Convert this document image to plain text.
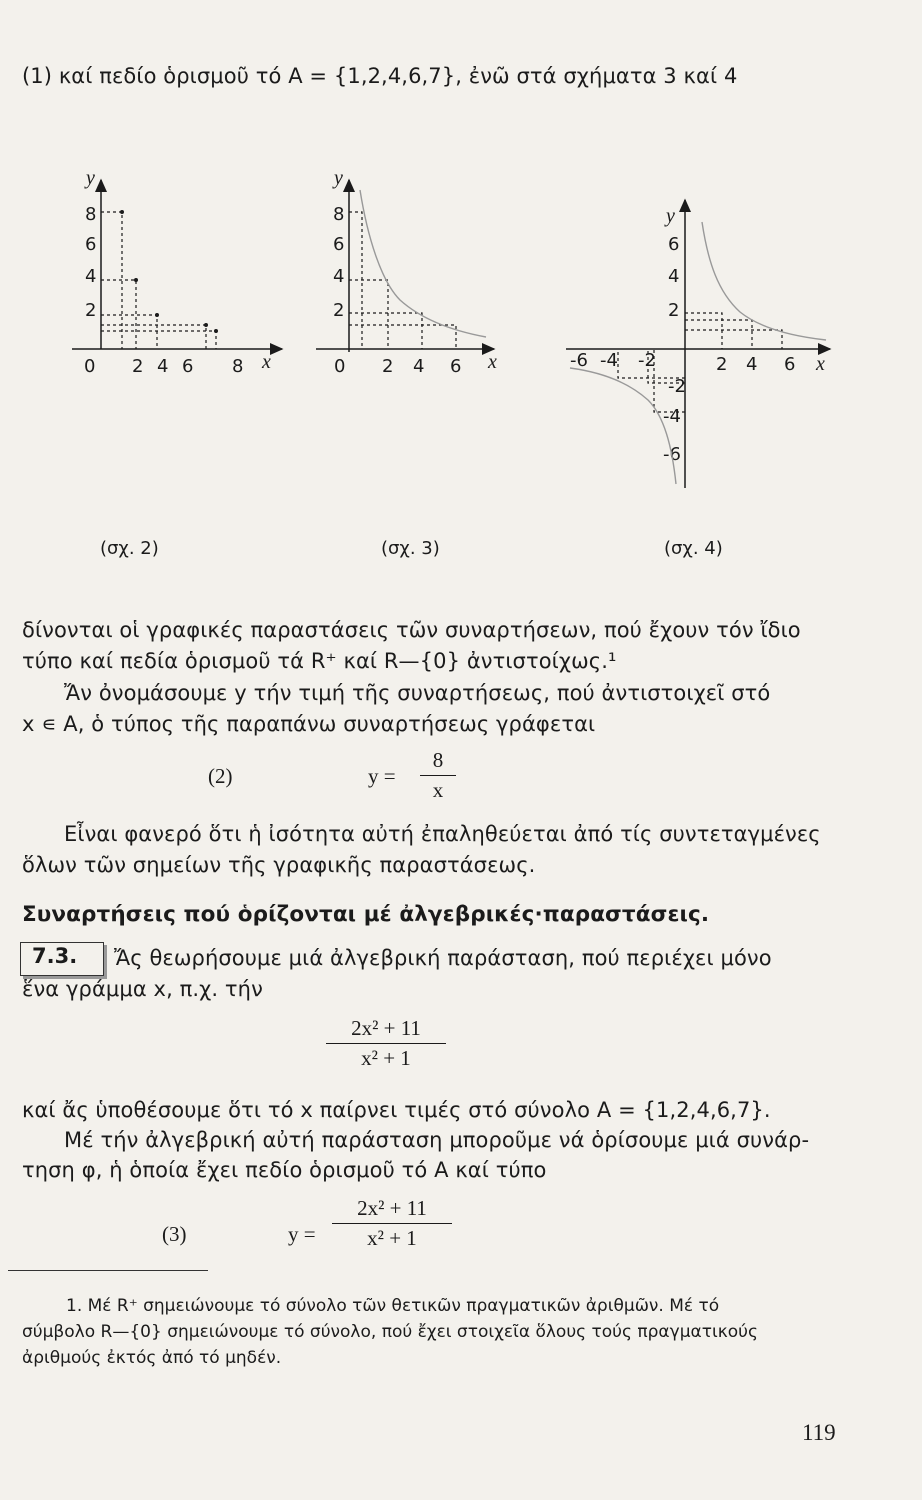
(1) καί πεδίο ὁρισμοῦ τό A = {1,2,4,6,7}, ἐνῶ στά σχήματα 3 καί 4
y
x
8
6
4
2
0 2 4 6 8
y
x
8
6
4
2
0 2 4 6
y
x
6
4
2
-2
-4
-6
-6 -4 -2	2 4 6
(σχ. 2)	(σχ. 3)	(σχ. 4)
δίνονται οἱ γραφικές παραστάσεις τῶν συναρτήσεων, πού ἔχουν τόν ἴδιο
τύπο καί πεδία ὁρισμοῦ τά R⁺ καί R—{0} ἀντιστοίχως.¹
Ἄν ὀνομάσουμε y τήν τιμή τῆς συναρτήσεως, πού ἀντιστοιχεῖ στό
x ∊ A, ὁ τύπος τῆς παραπάνω συναρτήσεως γράφεται
(2)	y =
8
x
Εἶναι φανερό ὅτι ἡ ἰσότητα αὐτή ἐπαληθεύεται ἀπό τίς συντεταγμένες
ὅλων τῶν σημείων τῆς γραφικῆς παραστάσεως.
Συναρτήσεις πού ὁρίζονται μέ ἀλγεβρικές·παραστάσεις.
7.3. Ἄς θεωρήσουμε μιά ἀλγεβρική παράσταση, πού περιέχει μόνο
ἕνα γράμμα x, π.χ. τήν
2x² + 11
x² + 1
καί ἄς ὑποθέσουμε ὅτι τό x παίρνει τιμές στό σύνολο A = {1,2,4,6,7}.
Μέ τήν ἀλγεβρική αὐτή παράσταση μποροῦμε νά ὁρίσουμε μιά συνάρ-
τηση φ, ἡ ὁποία ἔχει πεδίο ὁρισμοῦ τό A καί τύπο
(3)	y =
2x² + 11
x² + 1
1. Μέ R⁺ σημειώνουμε τό σύνολο τῶν θετικῶν πραγματικῶν ἀριθμῶν. Μέ τό
σύμβολο R—{0} σημειώνουμε τό σύνολο, πού ἔχει στοιχεῖα ὅλους τούς πραγματικούς
ἀριθμούς ἐκτός ἀπό τό μηδέν.
119
